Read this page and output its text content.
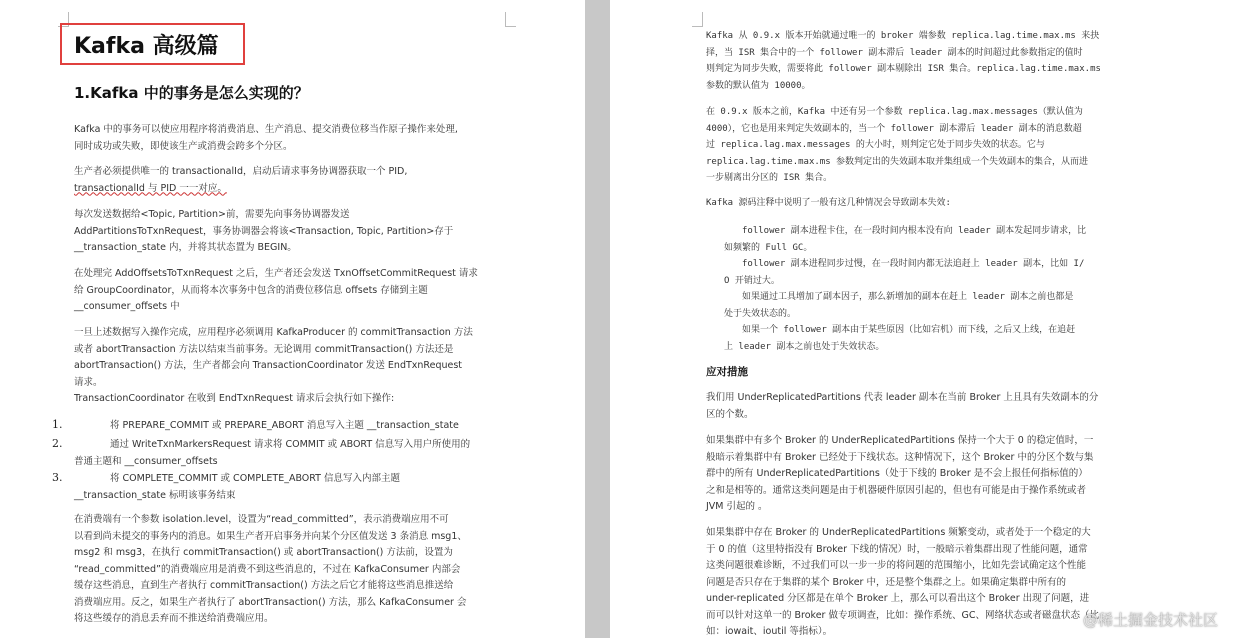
Kafka 高级篇
1.Kafka 中的事务是怎么实现的？
Kafka 中的事务可以使应用程序将消费消息、生产消息、提交消费位移当作原子操作来处理,
同时成功或失败，即使该生产或消费会跨多个分区。
生产者必须提供唯一的 transactionalId，启动后请求事务协调器获取一个 PID,
transactionalId 与 PID 一一对应。
每次发送数据给<Topic, Partition>前，需要先向事务协调器发送
AddPartitionsToTxnRequest，事务协调器会将该<Transaction, Topic, Partition>存于
__transaction_state 内，并将其状态置为 BEGIN。
在处理完 AddOffsetsToTxnRequest 之后，生产者还会发送 TxnOffsetCommitRequest 请求
给 GroupCoordinator，从而将本次事务中包含的消费位移信息 offsets 存储到主题
__consumer_offsets 中
一旦上述数据写入操作完成，应用程序必须调用 KafkaProducer 的 commitTransaction 方法
或者 abortTransaction 方法以结束当前事务。无论调用 commitTransaction() 方法还是
abortTransaction() 方法，生产者都会向 TransactionCoordinator 发送 EndTxnRequest
请求。
TransactionCoordinator 在收到 EndTxnRequest 请求后会执行如下操作:
1.	将 PREPARE_COMMIT 或 PREPARE_ABORT 消息写入主题 __transaction_state
2.	通过 WriteTxnMarkersRequest 请求将 COMMIT 或 ABORT 信息写入用户所使用的
普通主题和 __consumer_offsets
3.	将 COMPLETE_COMMIT 或 COMPLETE_ABORT 信息写入内部主题
__transaction_state 标明该事务结束
在消费端有一个参数 isolation.level，设置为“read_committed”，表示消费端应用不可
以看到尚未提交的事务内的消息。如果生产者开启事务并向某个分区值发送 3 条消息 msg1、
msg2 和 msg3，在执行 commitTransaction() 或 abortTransaction() 方法前，设置为
“read_committed”的消费端应用是消费不到这些消息的，不过在 KafkaConsumer 内部会
缓存这些消息，直到生产者执行 commitTransaction() 方法之后它才能将这些消息推送给
消费端应用。反之，如果生产者执行了 abortTransaction() 方法，那么 KafkaConsumer 会
将这些缓存的消息丢弃而不推送给消费端应用。
Kafka 从 0.9.x 版本开始就通过唯一的 broker 端参数 replica.lag.time.max.ms 来抉
择，当 ISR 集合中的一个 follower 副本滞后 leader 副本的时间超过此参数指定的值时
则判定为同步失败，需要将此 follower 副本剔除出 ISR 集合。replica.lag.time.max.ms
参数的默认值为 10000。
在 0.9.x 版本之前，Kafka 中还有另一个参数 replica.lag.max.messages（默认值为
4000），它也是用来判定失效副本的，当一个 follower 副本滞后 leader 副本的消息数超
过 replica.lag.max.messages 的大小时，则判定它处于同步失效的状态。它与
replica.lag.time.max.ms 参数判定出的失效副本取并集组成一个失效副本的集合，从而进
一步剔离出分区的 ISR 集合。
Kafka 源码注释中说明了一般有这几种情况会导致副本失效:
follower 副本进程卡住，在一段时间内根本没有向 leader 副本发起同步请求，比
如频繁的 Full GC。
follower 副本进程同步过慢，在一段时间内都无法追赶上 leader 副本，比如 I/
O 开销过大。
如果通过工具增加了副本因子，那么新增加的副本在赶上 leader 副本之前也都是
处于失效状态的。
如果一个 follower 副本由于某些原因（比如宕机）而下线，之后又上线，在追赶
上 leader 副本之前也处于失效状态。
应对措施
我们用 UnderReplicatedPartitions 代表 leader 副本在当前 Broker 上且具有失效副本的分
区的个数。
如果集群中有多个 Broker 的 UnderReplicatedPartitions 保持一个大于 0 的稳定值时，一
般暗示着集群中有 Broker 已经处于下线状态。这种情况下，这个 Broker 中的分区个数与集
群中的所有 UnderReplicatedPartitions（处于下线的 Broker 是不会上报任何指标值的）
之和是相等的。通常这类问题是由于机器硬件原因引起的，但也有可能是由于操作系统或者
JVM 引起的 。
如果集群中存在 Broker 的 UnderReplicatedPartitions 频繁变动，或者处于一个稳定的大
于 0 的值（这里特指没有 Broker 下线的情况）时，一般暗示着集群出现了性能问题，通常
这类问题很难诊断，不过我们可以一步一步的将问题的范围缩小，比如先尝试确定这个性能
问题是否只存在于集群的某个 Broker 中，还是整个集群之上。如果确定集群中所有的
under-replicated 分区都是在单个 Broker 上，那么可以看出这个 Broker 出现了问题，进
而可以针对这单一的 Broker 做专项调查，比如：操作系统、GC、网络状态或者磁盘状态（比
如：iowait、ioutil 等指标）。
@稀土掘金技术社区
